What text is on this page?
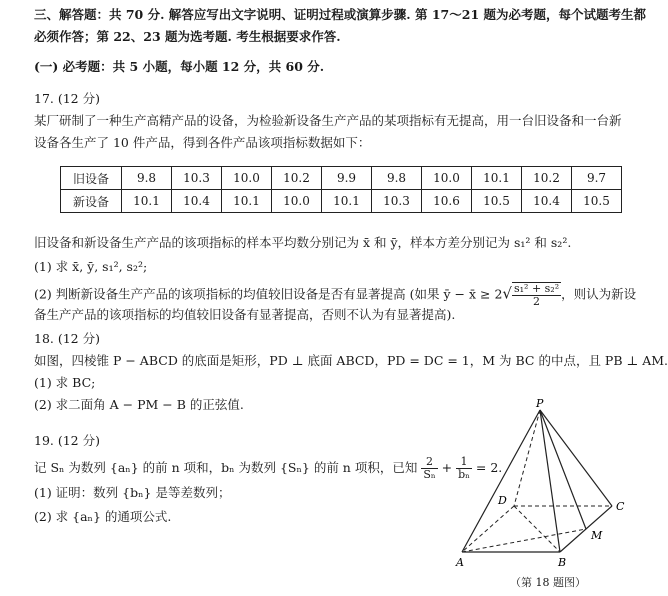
三、解答题：共 70 分. 解答应写出文字说明、证明过程或演算步骤. 第 17～21 题为必考题，每个试题考生都
必须作答；第 22、23 题为选考题. 考生根据要求作答.
(一) 必考题：共 5 小题，每小题 12 分，共 60 分.
17. (12 分)
某厂研制了一种生产高精产品的设备，为检验新设备生产产品的某项指标有无提高，用一台旧设备和一台新
设备各生产了 10 件产品，得到各件产品该项指标数据如下：
旧设备	9.8	10.3	10.0	10.2	9.9	9.8	10.0	10.1	10.2	9.7
新设备	10.1	10.4	10.1	10.0	10.1	10.3	10.6	10.5	10.4	10.5
旧设备和新设备生产产品的该项指标的样本平均数分别记为 x̄ 和 ȳ，样本方差分别记为 s₁² 和 s₂².
(1) 求 x̄, ȳ, s₁², s₂²;
(2) 判断新设备生产产品的该项指标的均值较旧设备是否有显著提高 (如果 ȳ − x̄ ≥ $2√ \frac{\text{s₁² + s₂²}}{2}$ ，则认为新设
备生产产品的该项指标的均值较旧设备有显著提高，否则不认为有显著提高).
18. (12 分)
如图，四棱锥 P − ABCD 的底面是矩形，PD ⊥ 底面 ABCD，PD = DC = 1，M 为 BC 的中点，且 PB ⊥ AM.
(1) 求 BC;
(2) 求二面角 A − PM − B 的正弦值.
19. (12 分)
记 Sₙ 为数列 {aₙ} 的前 n 项和，bₙ 为数列 {Sₙ} 的前 n 项积，已知 $\frac{2}{\text{Sₙ}} + \frac{1}{\text{bₙ}} = 2$.
(1) 证明：数列 {bₙ} 是等差数列；
(2) 求 {aₙ} 的通项公式.
P
D	C
M
A	B
（第 18 题图）
